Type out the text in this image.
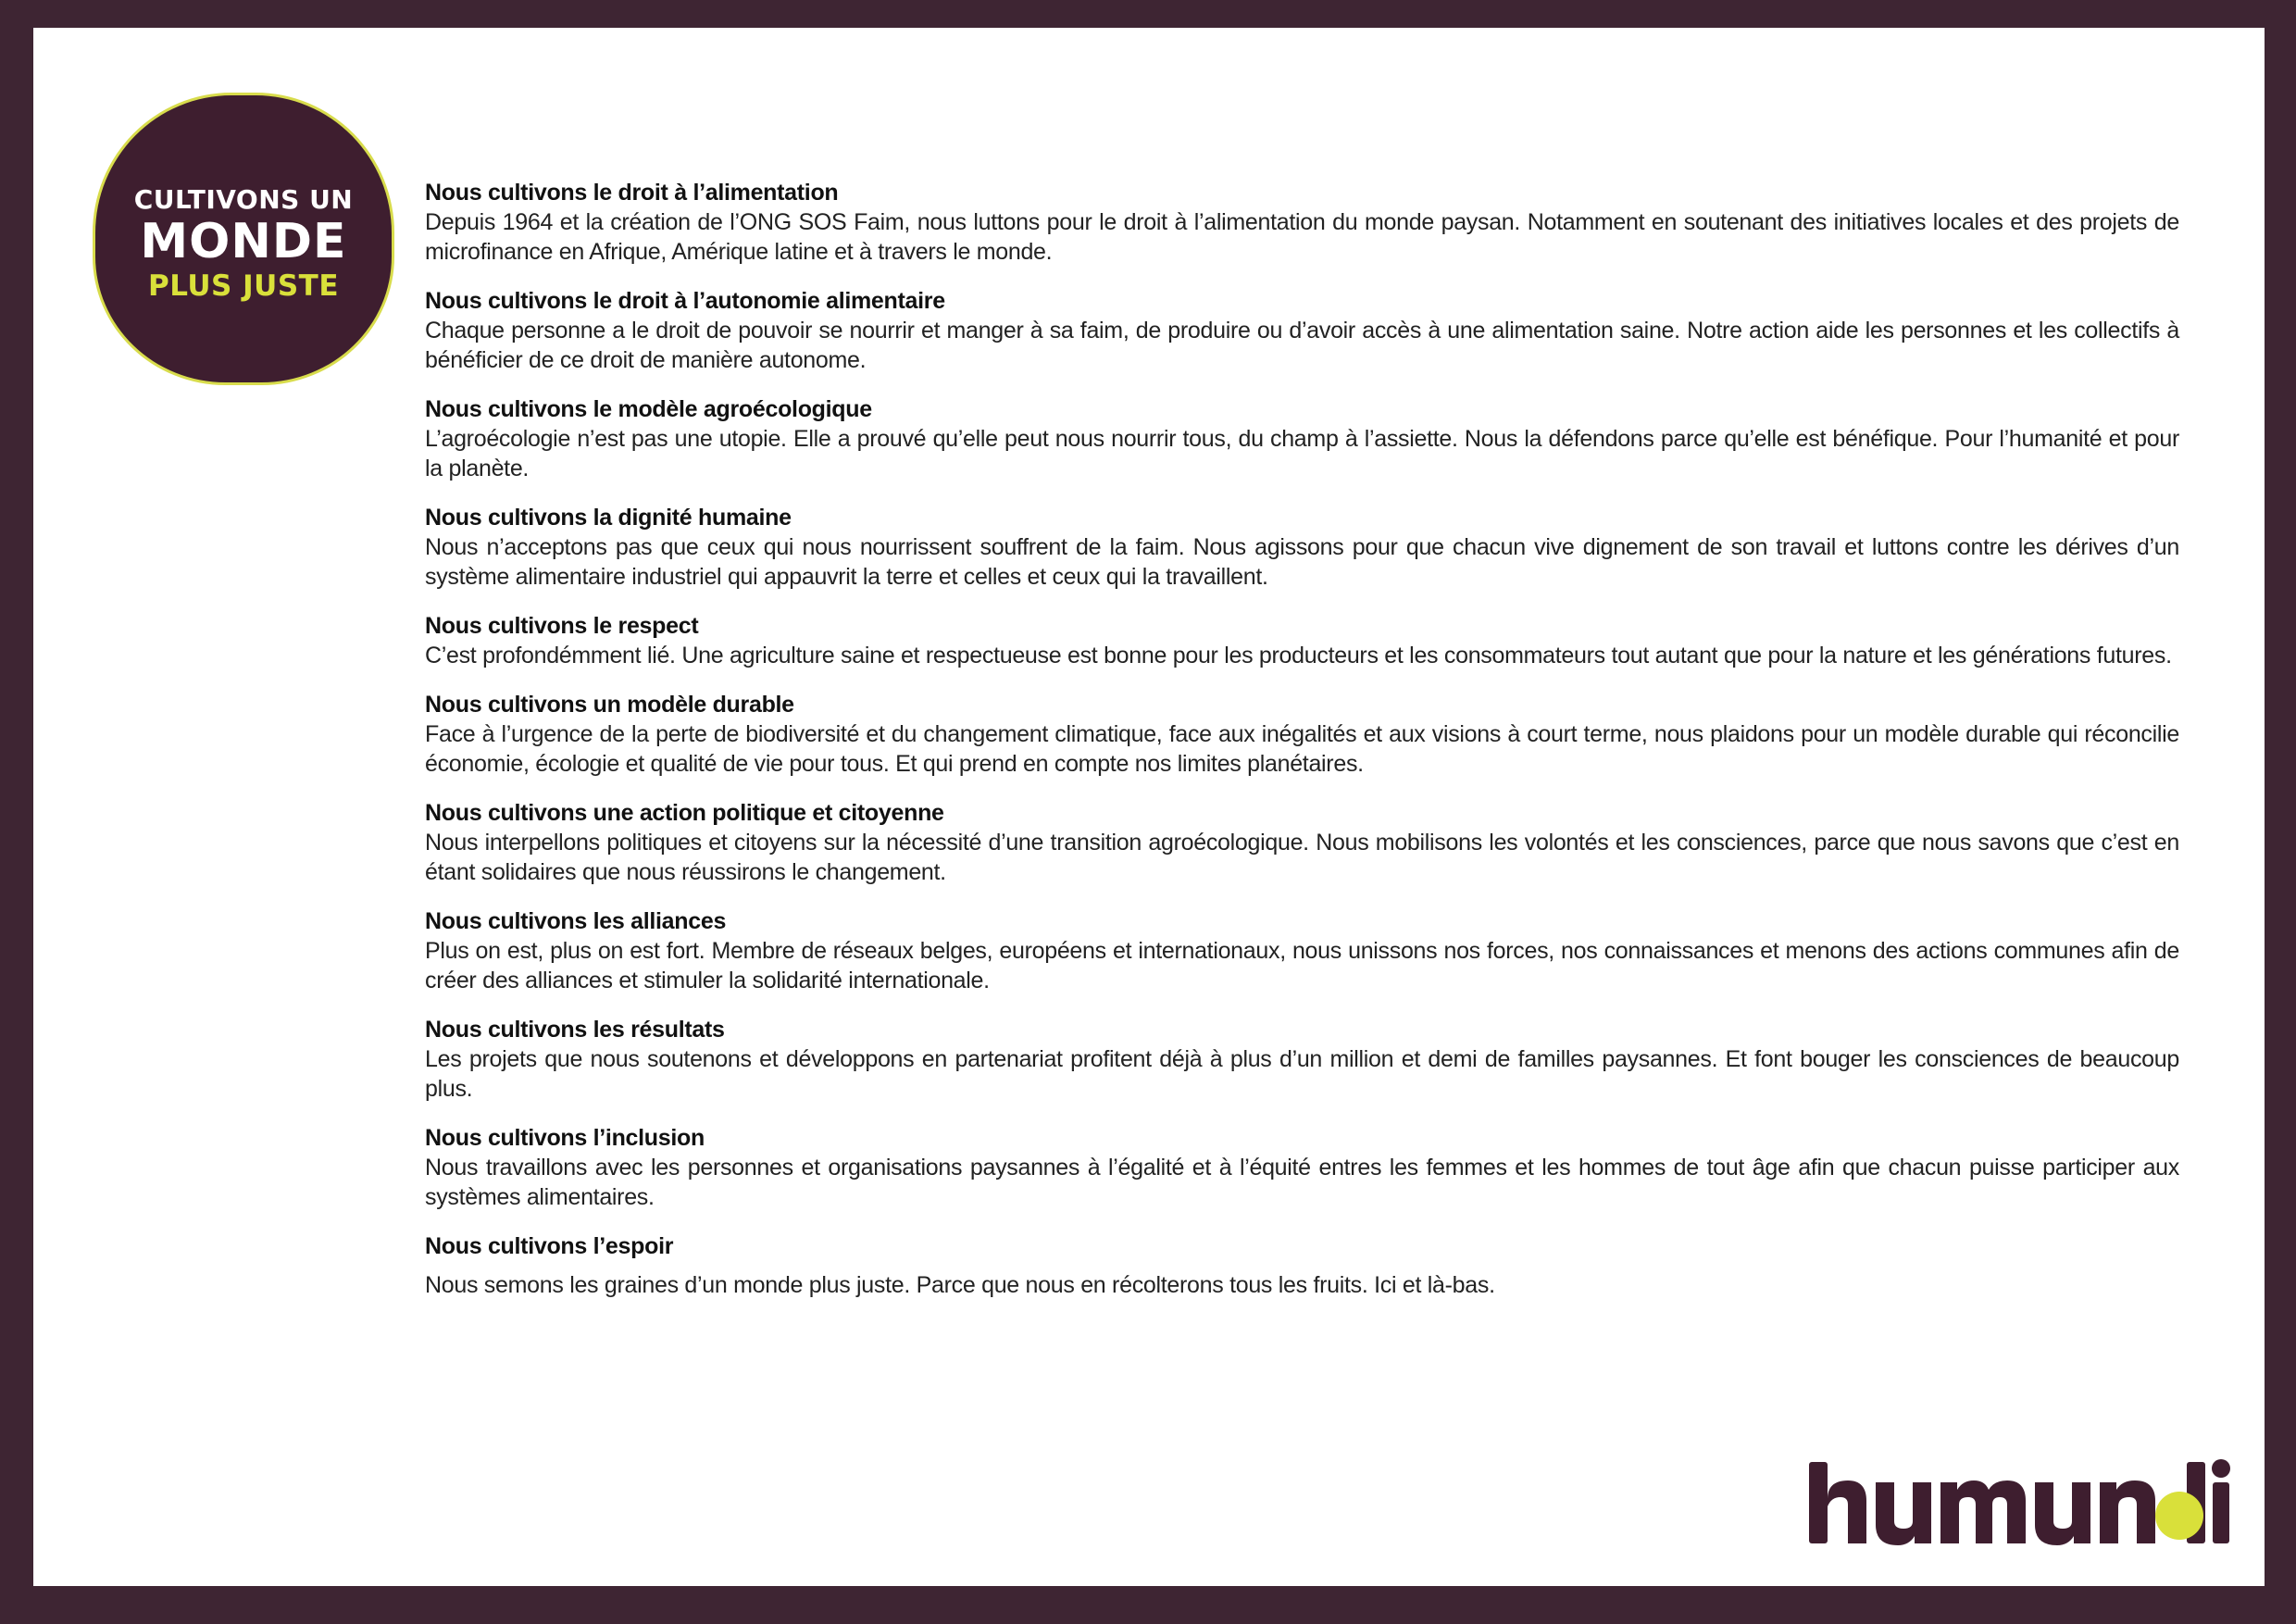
CULTIVONS UN
MONDE
PLUS JUSTE
Nous cultivons le droit à l’alimentation
Depuis 1964 et la création de l’ONG SOS Faim, nous luttons pour le droit à l’alimentation du monde paysan. Notamment en soutenant des initiatives locales et des projets de microfinance en Afrique, Amérique latine et à travers le monde.
Nous cultivons le droit à l’autonomie alimentaire
Chaque personne a le droit de pouvoir se nourrir et manger à sa faim, de produire ou d’avoir accès à une alimentation saine. Notre action aide les personnes et les collectifs à bénéficier de ce droit de manière autonome.
Nous cultivons le modèle agroécologique
L’agroécologie n’est pas une utopie. Elle a prouvé qu’elle peut nous nourrir tous, du champ à l’assiette. Nous la défendons parce qu’elle est bénéfique. Pour l’humanité et pour la planète.
Nous cultivons la dignité humaine
Nous n’acceptons pas que ceux qui nous nourrissent souffrent de la faim. Nous agissons pour que chacun vive dignement de son travail et luttons contre les dérives d’un système alimentaire industriel qui appauvrit la terre et celles et ceux qui la travaillent.
Nous cultivons le respect
C’est profondémment lié. Une agriculture saine et respectueuse est bonne pour les producteurs et les consommateurs tout autant que pour la nature et les générations futures.
Nous cultivons un modèle durable
Face à l’urgence de la perte de biodiversité et du changement climatique, face aux inégalités et aux visions à court terme, nous plaidons pour un modèle durable qui réconcilie économie, écologie et qualité de vie pour tous. Et qui prend en compte nos limites planétaires.
Nous cultivons une action politique et citoyenne
Nous interpellons politiques et citoyens sur la nécessité d’une transition agroécologique. Nous mobilisons les volontés et les consciences, parce que nous savons que c’est en étant solidaires que nous réussirons le changement.
Nous cultivons les alliances
Plus on est, plus on est fort. Membre de réseaux belges, européens et internationaux, nous unissons nos forces, nos connaissances et menons des actions communes afin de créer des alliances et stimuler la solidarité internationale.
Nous cultivons les résultats
Les projets que nous soutenons et développons en partenariat profitent déjà à plus d’un million et demi de familles paysannes. Et font bouger les consciences de beaucoup plus.
Nous cultivons l’inclusion
Nous travaillons avec les personnes et organisations paysannes à l’égalité et à l’équité entres les femmes et les hommes de tout âge afin que chacun puisse participer aux systèmes alimentaires.
Nous cultivons l’espoir
Nous semons les graines d’un monde plus juste. Parce que nous en récolterons tous les fruits. Ici et là-bas.
